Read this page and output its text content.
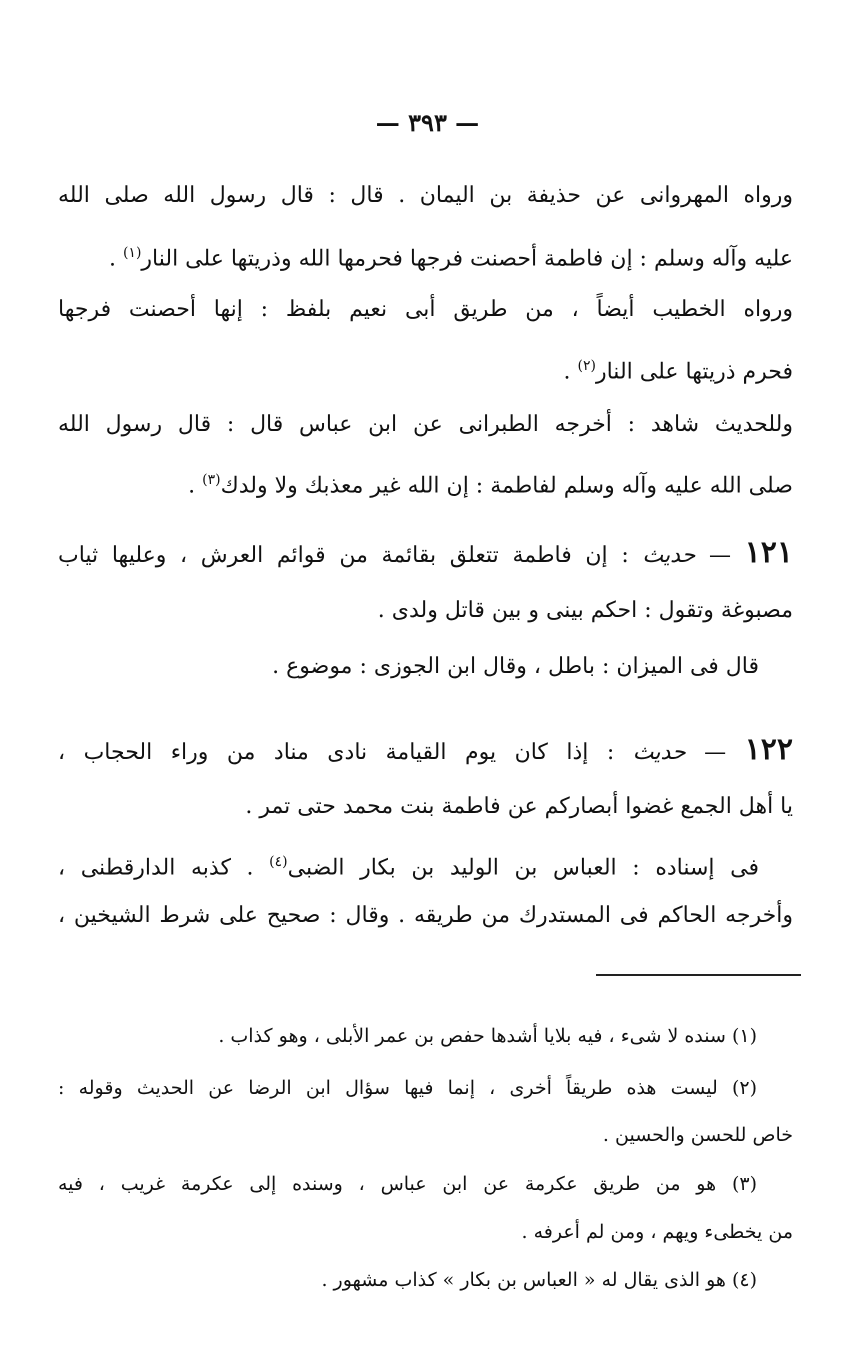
— ٣٩٣ —
ورواه المهروانى عن حذيفة بن اليمان . قال : قال رسول الله صلى الله
عليه وآله وسلم : إن فاطمة أحصنت فرجها فحرمها الله وذريتها على النار$^{(١)}$ .
ورواه الخطيب أيضاً ، من طريق أبى نعيم بلفظ : إنها أحصنت فرجها
فحرم ذريتها على النار$^{(٢)}$ .
وللحديث شاهد : أخرجه الطبرانى عن ابن عباس قال : قال رسول الله
صلى الله عليه وآله وسلم لفاطمة : إن الله غير معذبك ولا ولدك$^{(٣)}$ .
١٢١ — حديث : إن فاطمة تتعلق بقائمة من قوائم العرش ، وعليها ثياب
مصبوغة وتقول : احكم بينى و بين قاتل ولدى .
قال فى الميزان : باطل ، وقال ابن الجوزى : موضوع .
١٢٢ — حديث : إذا كان يوم القيامة نادى مناد من وراء الحجاب ،
يا أهل الجمع غضوا أبصاركم عن فاطمة بنت محمد حتى تمر .
فى إسناده : العباس بن الوليد بن بكار الضبى$^{(٤)}$ . كذبه الدارقطنى ،
وأخرجه الحاكم فى المستدرك من طريقه . وقال : صحيح على شرط الشيخين ،
(١) سنده لا شىء ، فيه بلايا أشدها حفص بن عمر الأبلى ، وهو كذاب .
(٢) ليست هذه طريقاً أخرى ، إنما فيها سؤال ابن الرضا عن الحديث وقوله :
خاص للحسن والحسين .
(٣) هو من طريق عكرمة عن ابن عباس ، وسنده إلى عكرمة غريب ، فيه
من يخطىء ويهم ، ومن لم أعرفه .
(٤) هو الذى يقال له « العباس بن بكار » كذاب مشهور .
